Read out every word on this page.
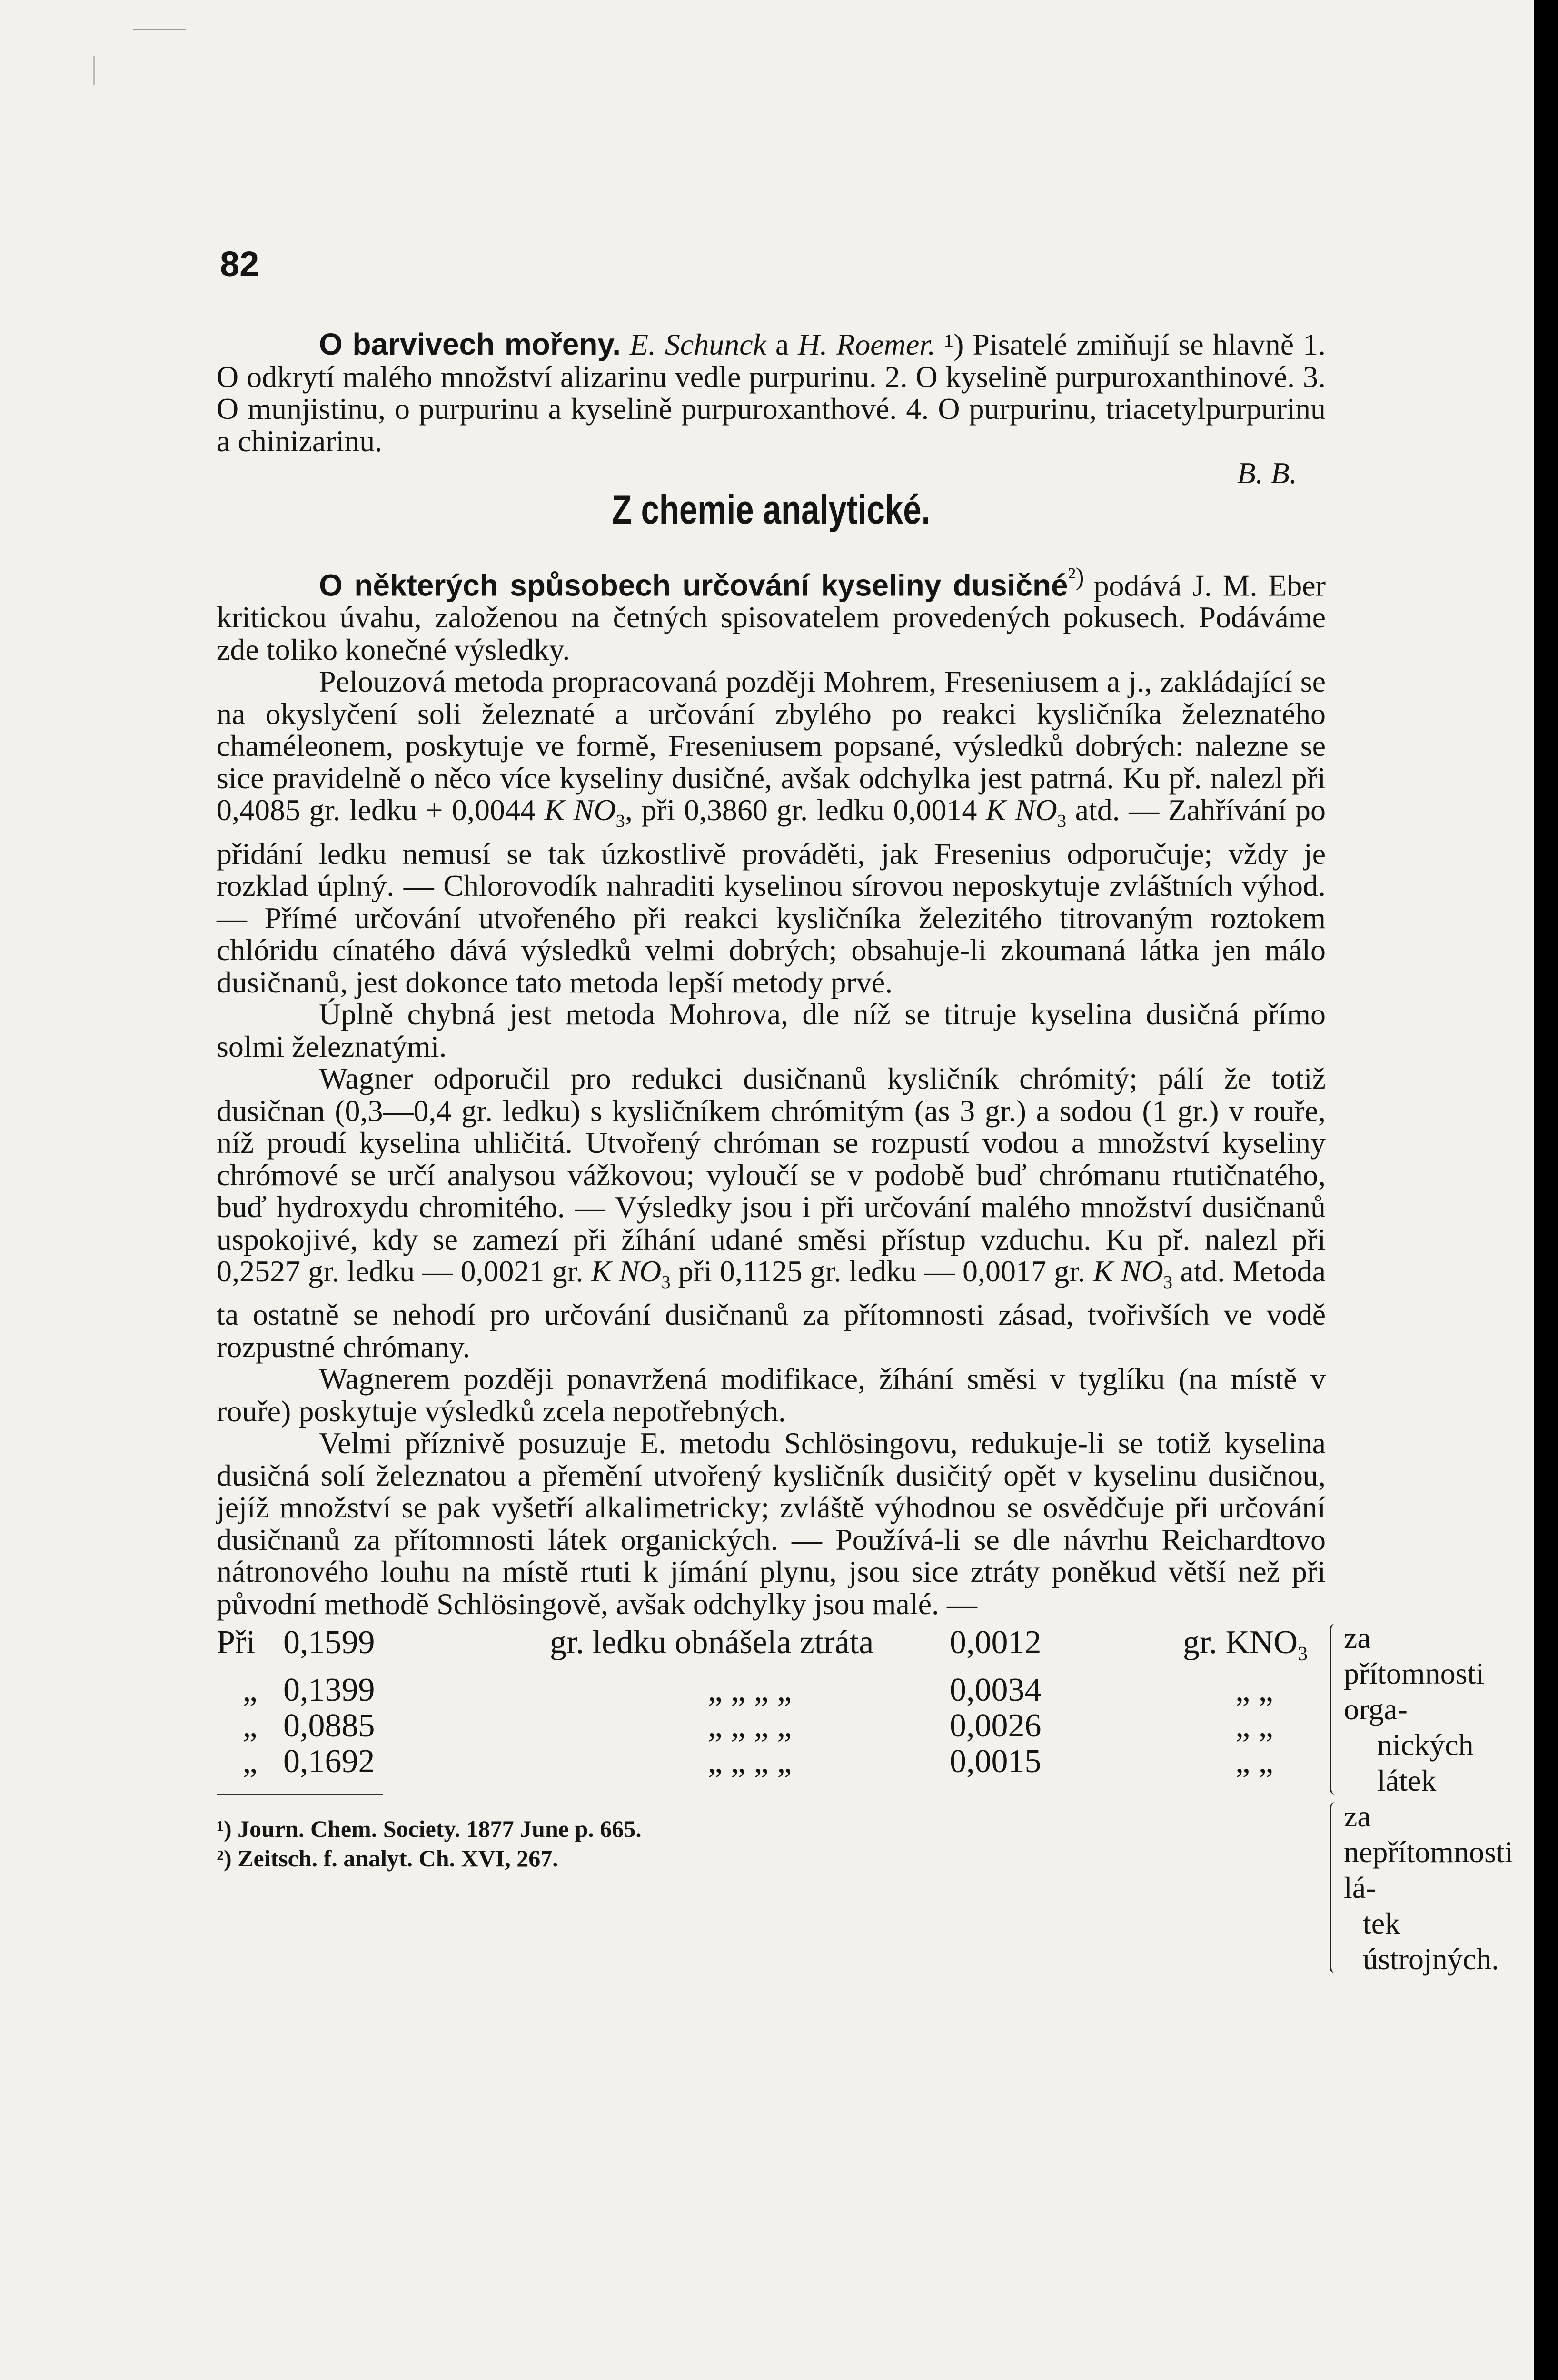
82

O barvivech mořeny. E. Schunck a H. Roemer. ¹) Pisatelé zmiňují se hlavně 1. O odkrytí malého množství alizarinu vedle purpurinu. 2. O kyselině purpuroxanthinové. 3. O munjistinu, o purpurinu a kyselině purpuroxanthové. 4. O purpurinu, triacetylpurpurinu a chinizarinu.

B. B.

Z chemie analytické.

O některých spůsobech určování kyseliny dusičné$^{^2)}$ podává J. M. Eber kritickou úvahu, založenou na četných spisovatelem provedených pokusech. Podáváme zde toliko konečné výsledky.

Pelouzová metoda propracovaná později Mohrem, Freseniusem a j., zakládající se na okyslyčení soli železnaté a určování zbylého po reakci kysličníka železnatého chaméleonem, poskytuje ve formě, Freseniusem popsané, výsledků dobrých: nalezne se sice pravidelně o něco více kyseliny dusičné, avšak odchylka jest patrná. Ku př. nalezl při 0,4085 gr. ledku + 0,0044 K $NO_3$, při 0,3860 gr. ledku 0,0014 K $NO_3$ atd. — Zahřívání po přidání ledku nemusí se tak úzkostlivě prováděti, jak Fresenius odporučuje; vždy je rozklad úplný. — Chlorovodík nahraditi kyselinou sírovou neposkytuje zvláštních výhod. — Přímé určování utvořeného při reakci kysličníka železitého titrovaným roztokem chlóridu cínatého dává výsledků velmi dobrých; obsahuje-li zkoumaná látka jen málo dusičnanů, jest dokonce tato metoda lepší metody prvé.

Úplně chybná jest metoda Mohrova, dle níž se titruje kyselina dusičná přímo solmi železnatými.

Wagner odporučil pro redukci dusičnanů kysličník chrómitý; pálí že totiž dusičnan (0,3—0,4 gr. ledku) s kysličníkem chrómitým (as 3 gr.) a sodou (1 gr.) v rouře, níž proudí kyselina uhličitá. Utvořený chróman se rozpustí vodou a množství kyseliny chrómové se určí analysou vážkovou; vyloučí se v podobě buď chrómanu rtutičnatého, buď hydroxydu chromitého. — Výsledky jsou i při určování malého množství dusičnanů uspokojivé, kdy se zamezí při žíhání udané směsi přístup vzduchu. Ku př. nalezl při 0,2527 gr. ledku — 0,0021 gr. K $NO_3$ při 0,1125 gr. ledku — 0,0017 gr. K $NO_3$ atd. Metoda ta ostatně se nehodí pro určování dusičnanů za přítomnosti zásad, tvořivších ve vodě rozpustné chrómany.

Wagnerem později ponavržená modifikace, žíhání směsi v tyglíku (na místě v rouře) poskytuje výsledků zcela nepotřebných.

Velmi příznivě posuzuje E. metodu Schlösingovu, redukuje-li se totiž kyselina dusičná solí železnatou a přemění utvořený kysličník dusičitý opět v kyselinu dusičnou, jejíž množství se pak vyšetří alkalimetricky; zvláště výhodnou se osvědčuje při určování dusičnanů za přítomnosti látek organických. — Používá-li se dle návrhu Reichardtovo nátronového louhu na místě rtuti k jímání plynu, jsou sice ztráty poněkud větší než při původní methodě Schlösingově, avšak odchylky jsou malé. —

Při 0,1599	gr. ledku obnášela ztráta	0,0012	gr. $KNO_3$
„ 0,1399	„ „ „ „	0,0034	„ „
„ 0,0885	„ „ „ „	0,0026	„ „
„ 0,1692	„ „ „ „	0,0015	„ „
za přítomnosti orga-
nických látek
za nepřítomnosti lá-
tek ústrojných.

¹) Journ. Chem. Society. 1877 June p. 665.

²) Zeitsch. f. analyt. Ch. XVI, 267.
